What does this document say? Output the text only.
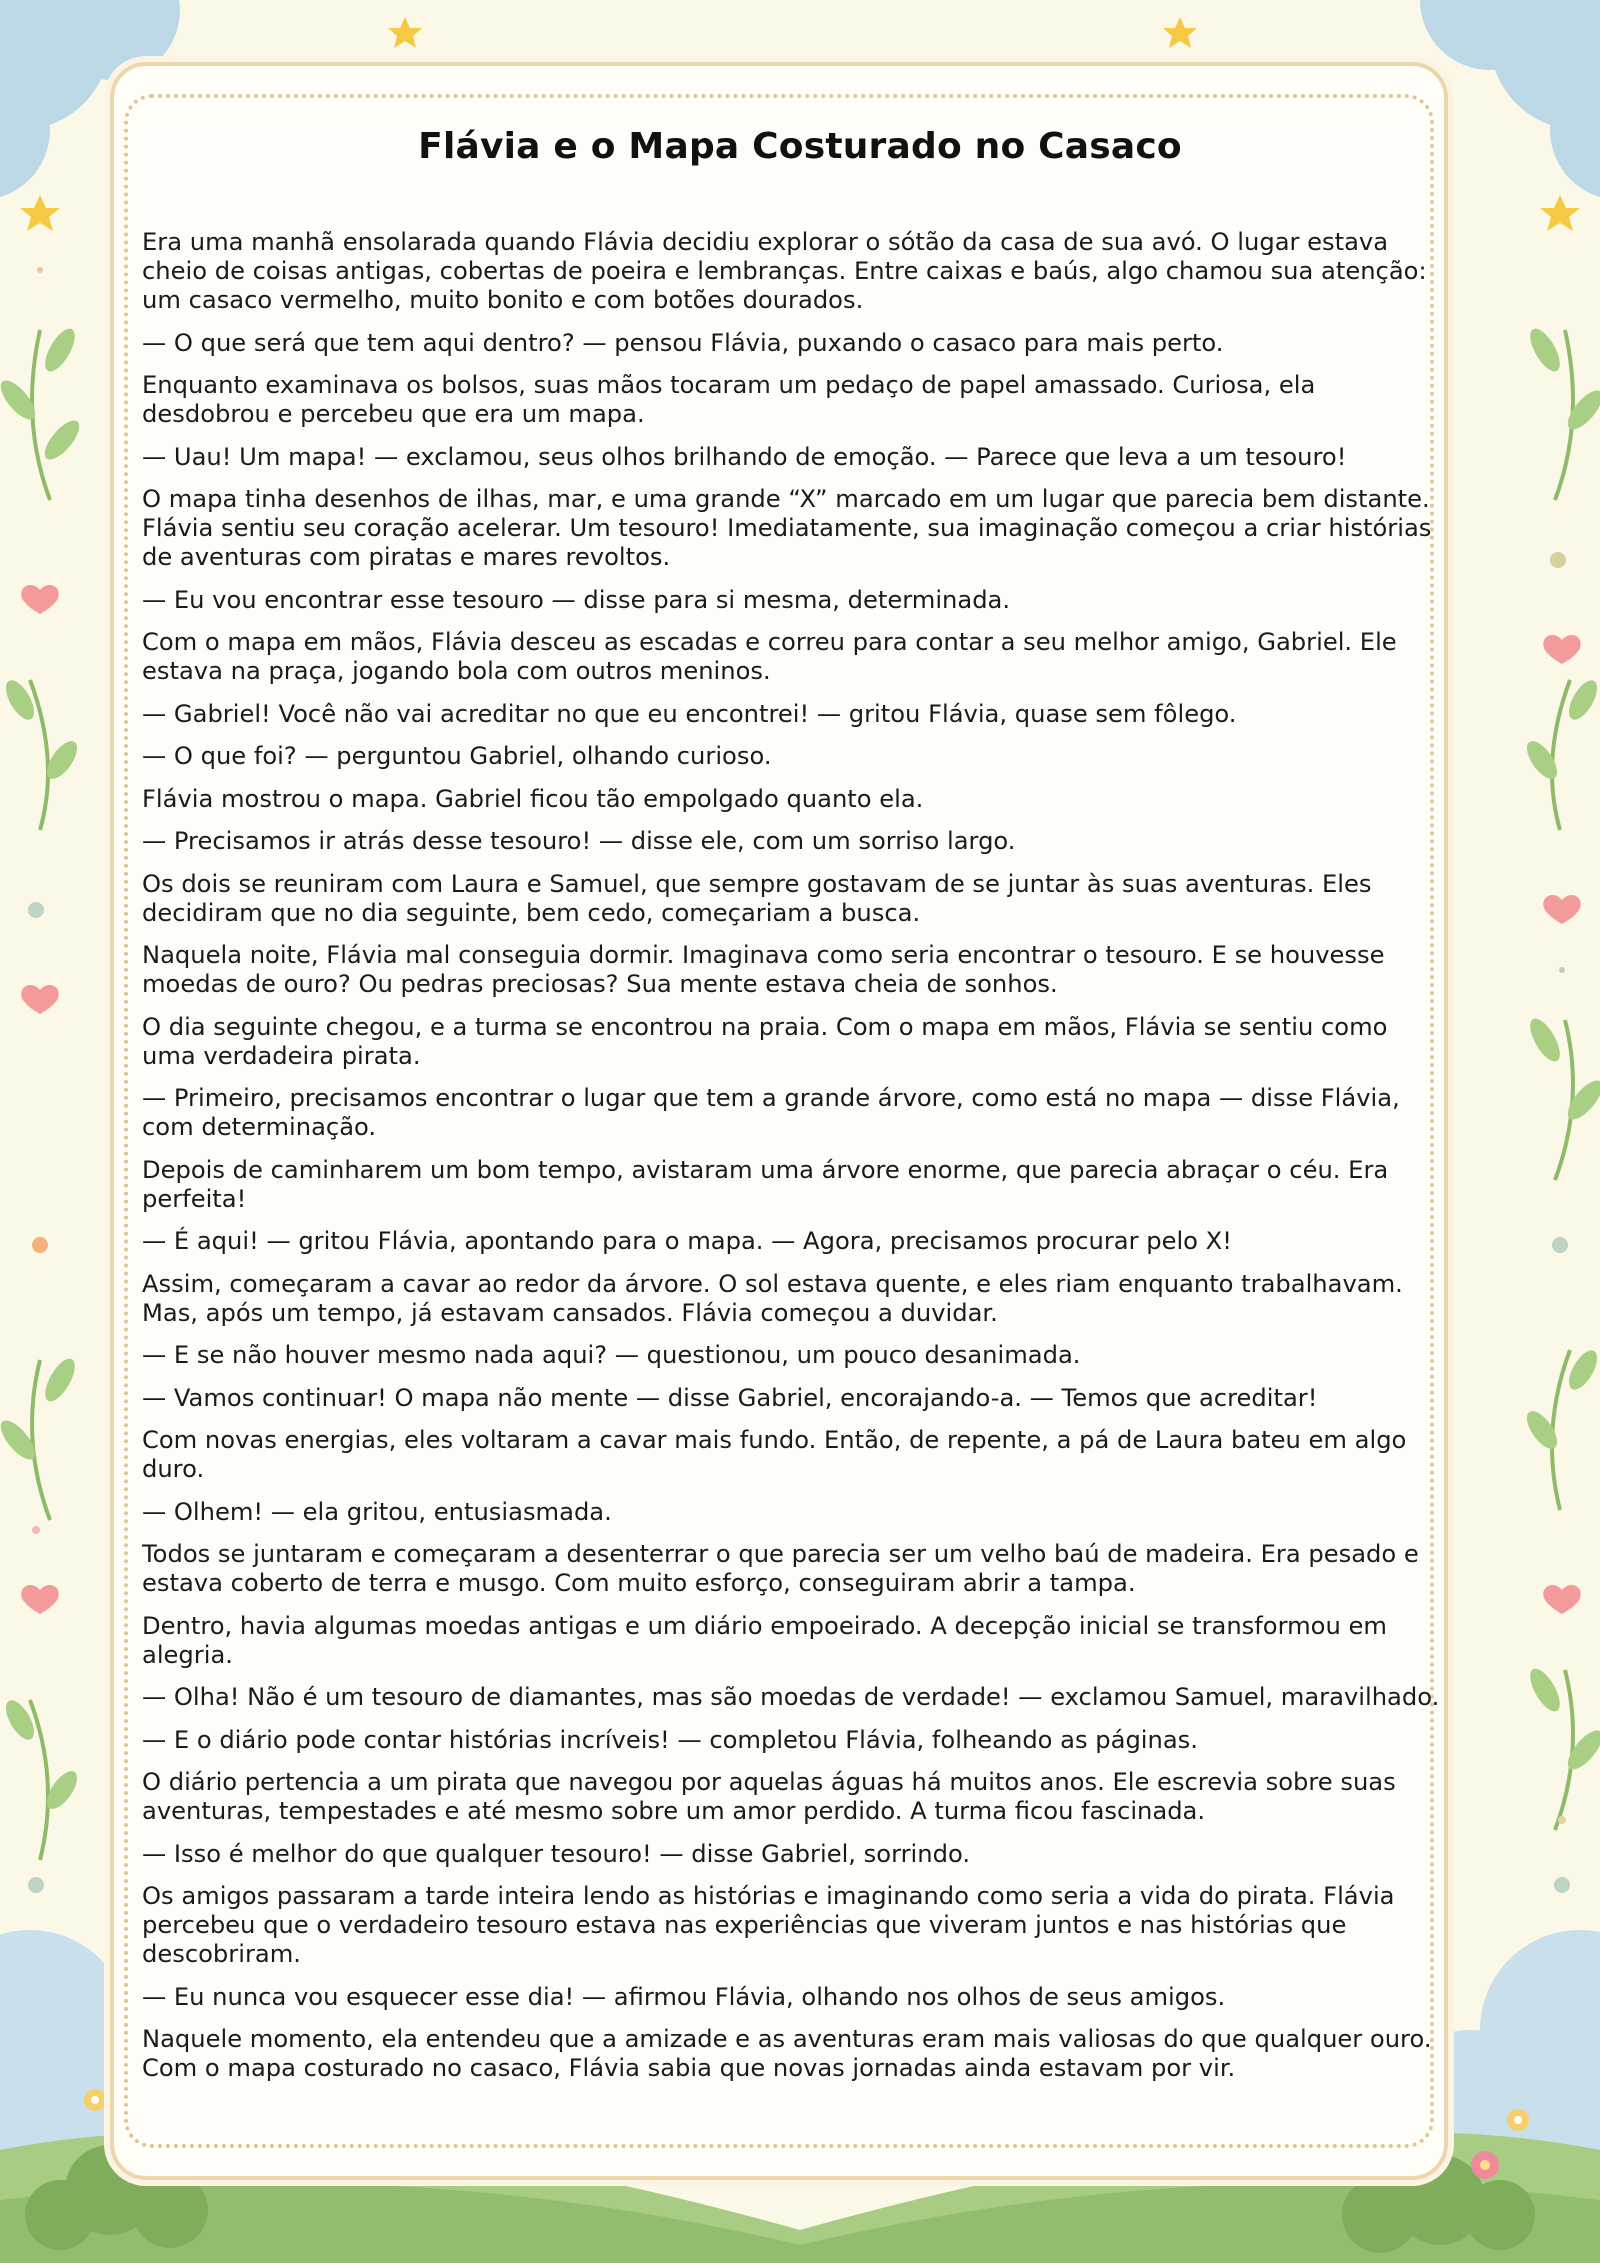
Flávia e o Mapa Costurado no Casaco

Era uma manhã ensolarada quando Flávia decidiu explorar o sótão da casa de sua avó. O lugar estava cheio de coisas antigas, cobertas de poeira e lembranças. Entre caixas e baús, algo chamou sua atenção: um casaco vermelho, muito bonito e com botões dourados.

— O que será que tem aqui dentro? — pensou Flávia, puxando o casaco para mais perto.

Enquanto examinava os bolsos, suas mãos tocaram um pedaço de papel amassado. Curiosa, ela desdobrou e percebeu que era um mapa.

— Uau! Um mapa! — exclamou, seus olhos brilhando de emoção. — Parece que leva a um tesouro!

O mapa tinha desenhos de ilhas, mar, e uma grande “X” marcado em um lugar que parecia bem distante. Flávia sentiu seu coração acelerar. Um tesouro! Imediatamente, sua imaginação começou a criar histórias de aventuras com piratas e mares revoltos.

— Eu vou encontrar esse tesouro — disse para si mesma, determinada.

Com o mapa em mãos, Flávia desceu as escadas e correu para contar a seu melhor amigo, Gabriel. Ele estava na praça, jogando bola com outros meninos.

— Gabriel! Você não vai acreditar no que eu encontrei! — gritou Flávia, quase sem fôlego.

— O que foi? — perguntou Gabriel, olhando curioso.

Flávia mostrou o mapa. Gabriel ficou tão empolgado quanto ela.

— Precisamos ir atrás desse tesouro! — disse ele, com um sorriso largo.

Os dois se reuniram com Laura e Samuel, que sempre gostavam de se juntar às suas aventuras. Eles decidiram que no dia seguinte, bem cedo, começariam a busca.

Naquela noite, Flávia mal conseguia dormir. Imaginava como seria encontrar o tesouro. E se houvesse moedas de ouro? Ou pedras preciosas? Sua mente estava cheia de sonhos.

O dia seguinte chegou, e a turma se encontrou na praia. Com o mapa em mãos, Flávia se sentiu como uma verdadeira pirata.

— Primeiro, precisamos encontrar o lugar que tem a grande árvore, como está no mapa — disse Flávia, com determinação.

Depois de caminharem um bom tempo, avistaram uma árvore enorme, que parecia abraçar o céu. Era perfeita!

— É aqui! — gritou Flávia, apontando para o mapa. — Agora, precisamos procurar pelo X!

Assim, começaram a cavar ao redor da árvore. O sol estava quente, e eles riam enquanto trabalhavam. Mas, após um tempo, já estavam cansados. Flávia começou a duvidar.

— E se não houver mesmo nada aqui? — questionou, um pouco desanimada.

— Vamos continuar! O mapa não mente — disse Gabriel, encorajando-a. — Temos que acreditar!

Com novas energias, eles voltaram a cavar mais fundo. Então, de repente, a pá de Laura bateu em algo duro.

— Olhem! — ela gritou, entusiasmada.

Todos se juntaram e começaram a desenterrar o que parecia ser um velho baú de madeira. Era pesado e estava coberto de terra e musgo. Com muito esforço, conseguiram abrir a tampa.

Dentro, havia algumas moedas antigas e um diário empoeirado. A decepção inicial se transformou em alegria.

— Olha! Não é um tesouro de diamantes, mas são moedas de verdade! — exclamou Samuel, maravilhado.

— E o diário pode contar histórias incríveis! — completou Flávia, folheando as páginas.

O diário pertencia a um pirata que navegou por aquelas águas há muitos anos. Ele escrevia sobre suas aventuras, tempestades e até mesmo sobre um amor perdido. A turma ficou fascinada.

— Isso é melhor do que qualquer tesouro! — disse Gabriel, sorrindo.

Os amigos passaram a tarde inteira lendo as histórias e imaginando como seria a vida do pirata. Flávia percebeu que o verdadeiro tesouro estava nas experiências que viveram juntos e nas histórias que descobriram.

— Eu nunca vou esquecer esse dia! — afirmou Flávia, olhando nos olhos de seus amigos.

Naquele momento, ela entendeu que a amizade e as aventuras eram mais valiosas do que qualquer ouro. Com o mapa costurado no casaco, Flávia sabia que novas jornadas ainda estavam por vir.
